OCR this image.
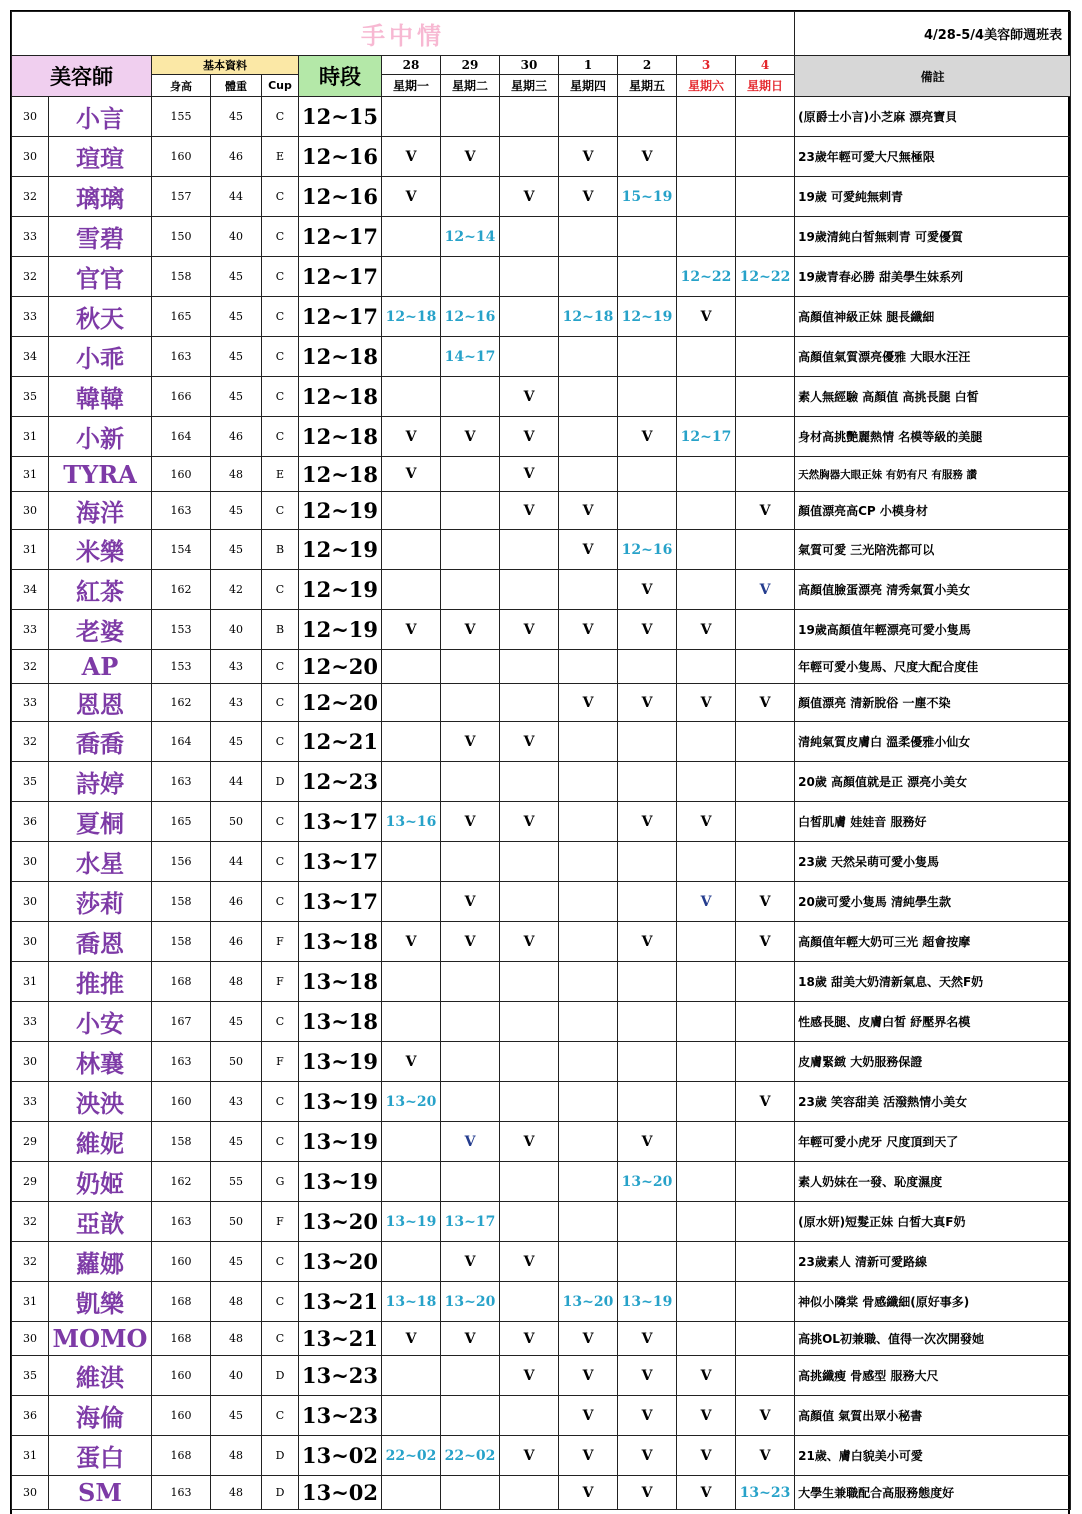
手中情													4/28-5/4美容師週班表
美容師		基本資料			時段	28	29	30	1	2	3	4	備註
		身高	體重	Cup		星期一	星期二	星期三	星期四	星期五	星期六	星期日	
30	小言	155	45	C	12~15								(原爵士小言)小芝麻 漂亮寶貝
30	瑄瑄	160	46	E	12~16	V	V		V	V			23歲年輕可愛大尺無極限
32	璃璃	157	44	C	12~16	V		V	V	15~19			19歲 可愛純無剌青
33	雪碧	150	40	C	12~17		12~14						19歲清純白皙無剌青 可愛優質
32	官官	158	45	C	12~17						12~22	12~22	19歲青春必勝 甜美學生妹系列
33	秋天	165	45	C	12~17	12~18	12~16		12~18	12~19	V		高顏值神級正妹 腿長纖細
34	小乖	163	45	C	12~18		14~17						高顏值氣質漂亮優雅 大眼水汪汪
35	韓韓	166	45	C	12~18			V					素人無經驗 高顏值 高挑長腿 白皙
31	小新	164	46	C	12~18	V	V	V		V	12~17		身材高挑艷麗熱情 名模等級的美腿
31	TYRA	160	48	E	12~18	V		V					天然胸器大眼正妹 有奶有尺 有服務 讚
30	海洋	163	45	C	12~19			V	V			V	顏值漂亮高CP 小模身材
31	米樂	154	45	B	12~19				V	12~16			氣質可愛 三光陪洗都可以
34	紅茶	162	42	C	12~19					V		V	高顏值臉蛋漂亮 清秀氣質小美女
33	老婆	153	40	B	12~19	V	V	V	V	V	V		19歲高顏值年輕漂亮可愛小隻馬
32	AP	153	43	C	12~20								年輕可愛小隻馬、尺度大配合度佳
33	恩恩	162	43	C	12~20				V	V	V	V	顏值漂亮 清新脫俗 一塵不染
32	喬喬	164	45	C	12~21		V	V					清純氣質皮膚白 溫柔優雅小仙女
35	詩婷	163	44	D	12~23								20歲 高顏值就是正 漂亮小美女
36	夏桐	165	50	C	13~17	13~16	V	V		V	V		白皙肌膚 娃娃音 服務好
30	水星	156	44	C	13~17								23歲 天然呆萌可愛小隻馬
30	莎莉	158	46	C	13~17		V				V	V	20歲可愛小隻馬 清純學生款
30	喬恩	158	46	F	13~18	V	V	V		V		V	高顏值年輕大奶可三光 超會按摩
31	推推	168	48	F	13~18								18歲 甜美大奶清新氣息、天然F奶
33	小安	167	45	C	13~18								性感長腿、皮膚白皙 紓壓界名模
30	林襄	163	50	F	13~19	V							皮膚緊緻 大奶服務保證
33	泱泱	160	43	C	13~19	13~20						V	23歲 笑容甜美 活潑熱情小美女
29	維妮	158	45	C	13~19		V	V		V			年輕可愛小虎牙 尺度頂到天了
29	奶姬	162	55	G	13~19					13~20			素人奶妹在一發、恥度濕度
32	亞歆	163	50	F	13~20	13~19	13~17						(原水妍)短髮正妹 白皙大真F奶
32	蘿娜	160	45	C	13~20		V	V					23歲素人 清新可愛路線
31	凱樂	168	48	C	13~21	13~18	13~20		13~20	13~19			神似小隣棠 骨感纖細(原好事多)
30	MOMO	168	48	C	13~21	V	V	V	V	V			高挑OL初兼職、值得一次次開發她
35	維淇	160	40	D	13~23			V	V	V	V		高挑纖瘦 骨感型 服務大尺
36	海倫	160	45	C	13~23				V	V	V	V	高顏值 氣質出眾小秘書
31	蛋白	168	48	D	13~02	22~02	22~02	V	V	V	V	V	21歲、膚白貌美小可愛
30	SM	163	48	D	13~02				V	V	V	13~23	大學生兼職配合高服務態度好
